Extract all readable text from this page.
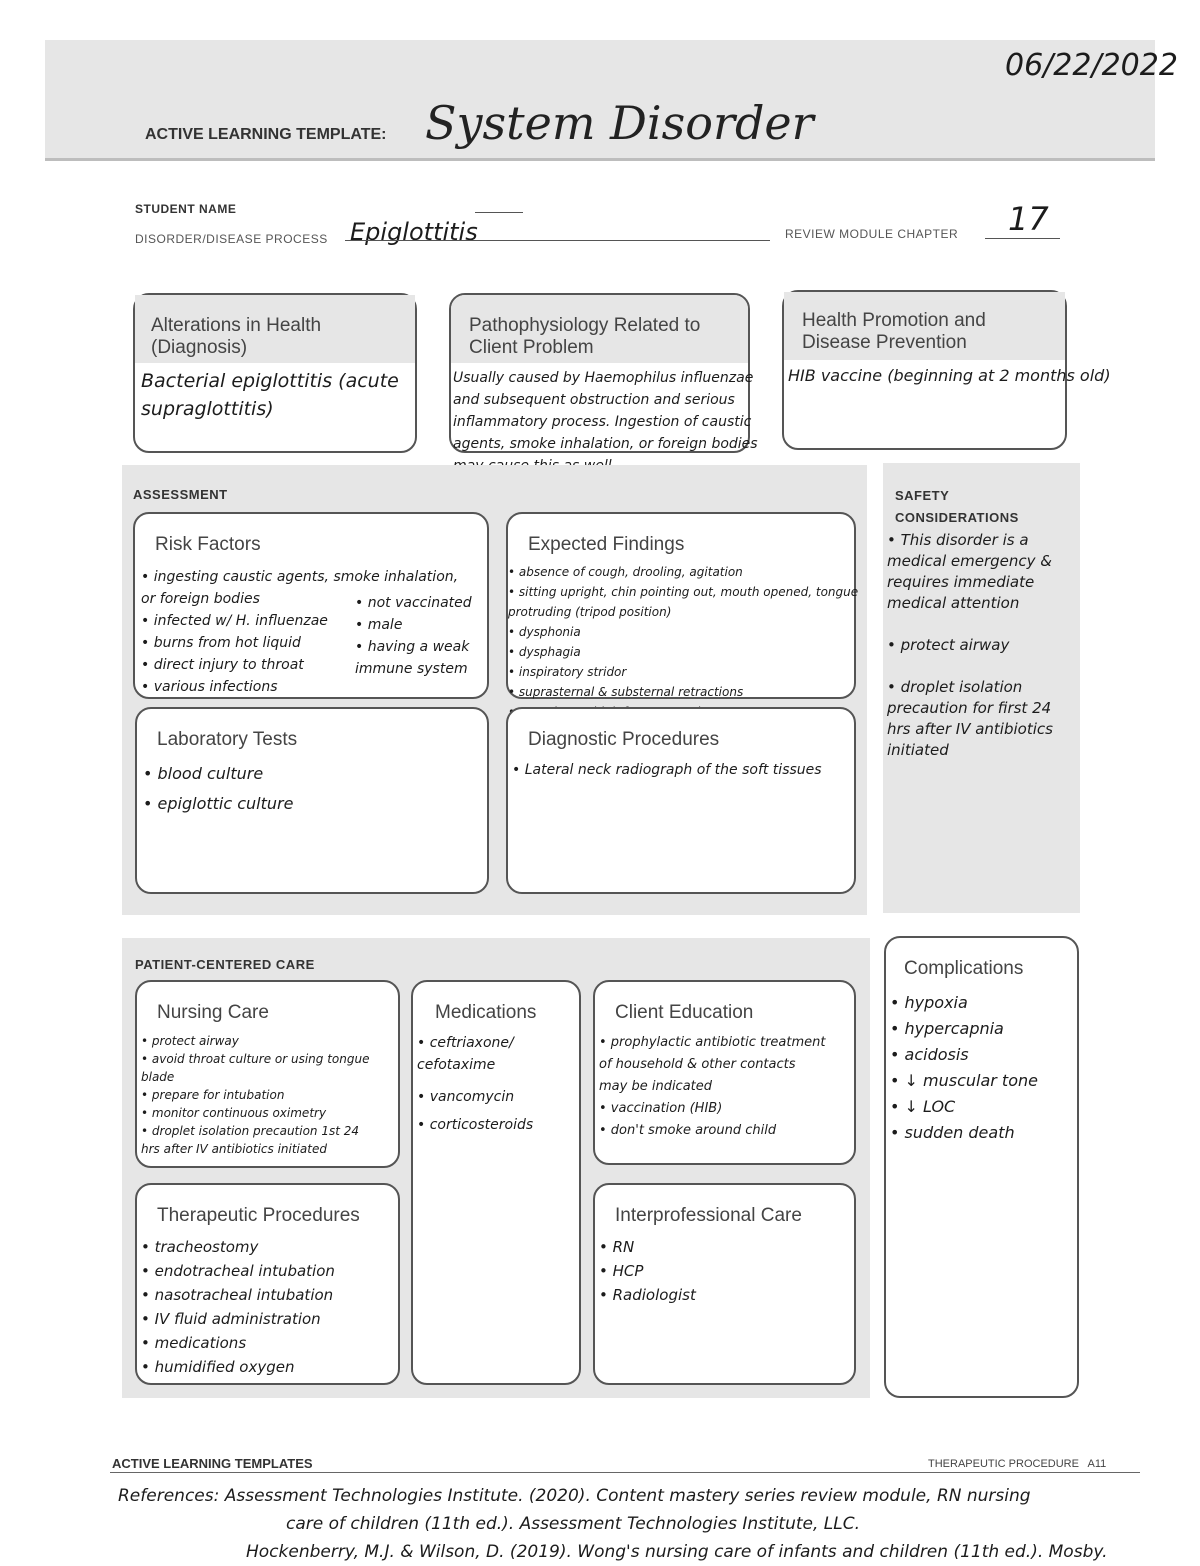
06/22/2022
ACTIVE LEARNING TEMPLATE: System Disorder
STUDENT NAME
DISORDER/DISEASE PROCESS Epiglottitis	REVIEW MODULE CHAPTER 17
Alterations in Health (Diagnosis)
Bacterial epiglottitis (acute
supraglottitis)
Pathophysiology Related to Client Problem
Usually caused by Haemophilus influenzae
and subsequent obstruction and serious
inflammatory process. Ingestion of caustic
agents, smoke inhalation, or foreign bodies
Health Promotion and Disease Prevention
HIB vaccine (beginning at 2 months old)
ASSESSMENT
Risk Factors
• ingesting caustic agents, smoke inhalation,
or foreign bodies
• infected w/ H. influenzae
• burns from hot liquid
• direct injury to throat
• various infections
• not vaccinated
• male
• having a weak
immune system
Expected Findings
• absence of cough, drooling, agitation
• sitting upright, chin pointing out, mouth opened, tongue
protruding (tripod position)
• dysphonia
• dysphagia
• inspiratory stridor
• suprasternal & substernal retractions
Laboratory Tests
• blood culture
• epiglottic culture
Diagnostic Procedures
• Lateral neck radiograph of the soft tissues
SAFETY CONSIDERATIONS
• This disorder is a
medical emergency &
requires immediate
medical attention
• protect airway
• droplet isolation
precaution for first 24
hrs after IV antibiotics
initiated
PATIENT-CENTERED CARE
Nursing Care
• protect airway
• avoid throat culture or using tongue
blade
• prepare for intubation
• monitor continuous oximetry
• droplet isolation precaution 1st 24
hrs after IV antibiotics initiated
Medications
• ceftriaxone/
cefotaxime
• vancomycin
• corticosteroids
Client Education
• prophylactic antibiotic treatment
of household & other contacts
may be indicated
• vaccination (HIB)
• don't smoke around child
Therapeutic Procedures
• tracheostomy
• endotracheal intubation
• nasotracheal intubation
• IV fluid administration
• medications
• humidified oxygen
Interprofessional Care
• RN
• HCP
• Radiologist
Complications
• hypoxia
• hypercapnia
• acidosis
• ↓ muscular tone
• ↓ LOC
• sudden death
ACTIVE LEARNING TEMPLATES	THERAPEUTIC PROCEDURE   A11
References: Assessment Technologies Institute. (2020). Content mastery series review module, RN nursing
care of children (11th ed.). Assessment Technologies Institute, LLC.
Hockenberry, M.J. & Wilson, D. (2019). Wong's nursing care of infants and children (11th ed.). Mosby.
